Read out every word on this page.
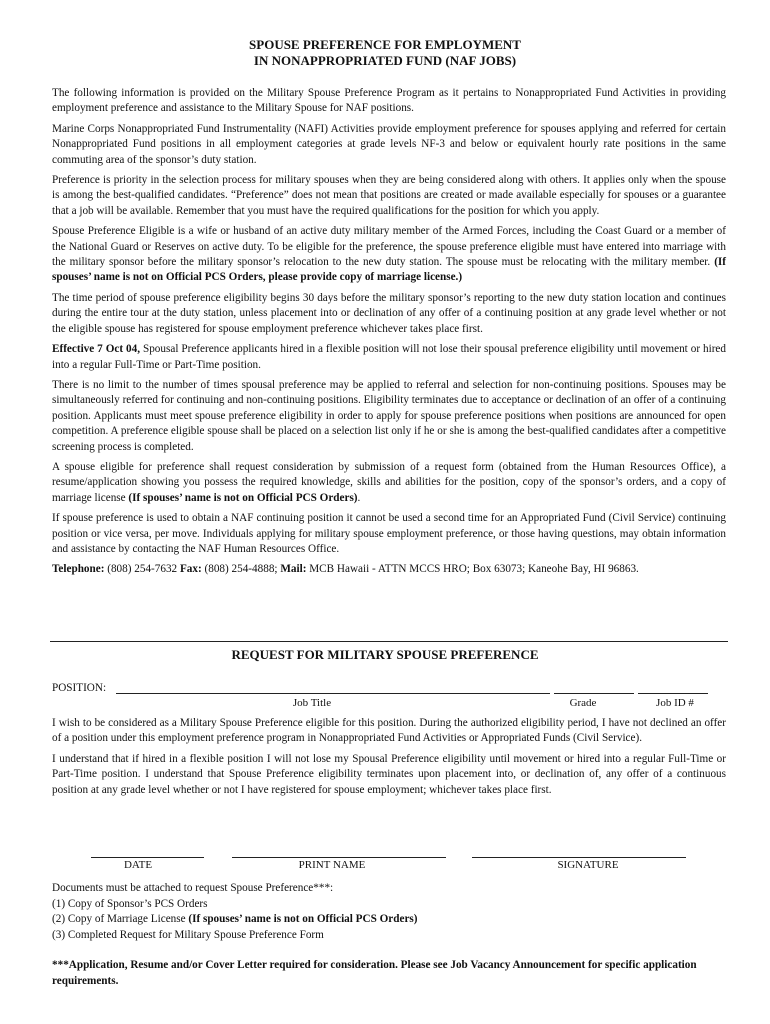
SPOUSE PREFERENCE FOR EMPLOYMENT
IN NONAPPROPRIATED FUND (NAF JOBS)

The following information is provided on the Military Spouse Preference Program as it pertains to Nonappropriated Fund Activities in providing employment preference and assistance to the Military Spouse for NAF positions.

Marine Corps Nonappropriated Fund Instrumentality (NAFI) Activities provide employment preference for spouses applying and referred for certain Nonappropriated Fund positions in all employment categories at grade levels NF-3 and below or equivalent hourly rate positions in the same commuting area of the sponsor’s duty station.

Preference is priority in the selection process for military spouses when they are being considered along with others. It applies only when the spouse is among the best-qualified candidates. “Preference” does not mean that positions are created or made available especially for spouses or a guarantee that a job will be available. Remember that you must have the required qualifications for the position for which you apply.

Spouse Preference Eligible is a wife or husband of an active duty military member of the Armed Forces, including the Coast Guard or a member of the National Guard or Reserves on active duty. To be eligible for the preference, the spouse preference eligible must have entered into marriage with the military sponsor before the military sponsor’s relocation to the new duty station. The spouse must be relocating with the military member. (If spouses’ name is not on Official PCS Orders, please provide copy of marriage license.)

The time period of spouse preference eligibility begins 30 days before the military sponsor’s reporting to the new duty station location and continues during the entire tour at the duty station, unless placement into or declination of any offer of a continuing position at any grade level whether or not the eligible spouse has registered for spouse employment preference whichever takes place first.

Effective 7 Oct 04, Spousal Preference applicants hired in a flexible position will not lose their spousal preference eligibility until movement or hired into a regular Full-Time or Part-Time position.

There is no limit to the number of times spousal preference may be applied to referral and selection for non-continuing positions. Spouses may be simultaneously referred for continuing and non-continuing positions. Eligibility terminates due to acceptance or declination of an offer of a continuing position. Applicants must meet spouse preference eligibility in order to apply for spouse preference positions when positions are announced for open competition. A preference eligible spouse shall be placed on a selection list only if he or she is among the best-qualified candidates after a competitive screening process is completed.

A spouse eligible for preference shall request consideration by submission of a request form (obtained from the Human Resources Office), a resume/application showing you possess the required knowledge, skills and abilities for the position, copy of the sponsor’s orders, and a copy of marriage license (If spouses’ name is not on Official PCS Orders).

If spouse preference is used to obtain a NAF continuing position it cannot be used a second time for an Appropriated Fund (Civil Service) continuing position or vice versa, per move. Individuals applying for military spouse employment preference, or those having questions, may obtain information and assistance by contacting the NAF Human Resources Office.

Telephone: (808) 254-7632 Fax: (808) 254-4888; Mail: MCB Hawaii - ATTN MCCS HRO; Box 63073; Kaneohe Bay, HI 96863.

REQUEST FOR MILITARY SPOUSE PREFERENCE
POSITION:
Job Title	Grade	Job ID #

I wish to be considered as a Military Spouse Preference eligible for this position. During the authorized eligibility period, I have not declined an offer of a position under this employment preference program in Nonappropriated Fund Activities or Appropriated Funds (Civil Service).

I understand that if hired in a flexible position I will not lose my Spousal Preference eligibility until movement or hired into a regular Full-Time or Part-Time position. I understand that Spouse Preference eligibility terminates upon placement into, or declination of, any offer of a continuous position at any grade level whether or not I have registered for spouse employment; whichever takes place first.

DATE	PRINT NAME	SIGNATURE
Documents must be attached to request Spouse Preference***:
(1) Copy of Sponsor’s PCS Orders
(2) Copy of Marriage License (If spouses’ name is not on Official PCS Orders)
(3) Completed Request for Military Spouse Preference Form
***Application, Resume and/or Cover Letter required for consideration. Please see Job Vacancy Announcement for specific application requirements.
